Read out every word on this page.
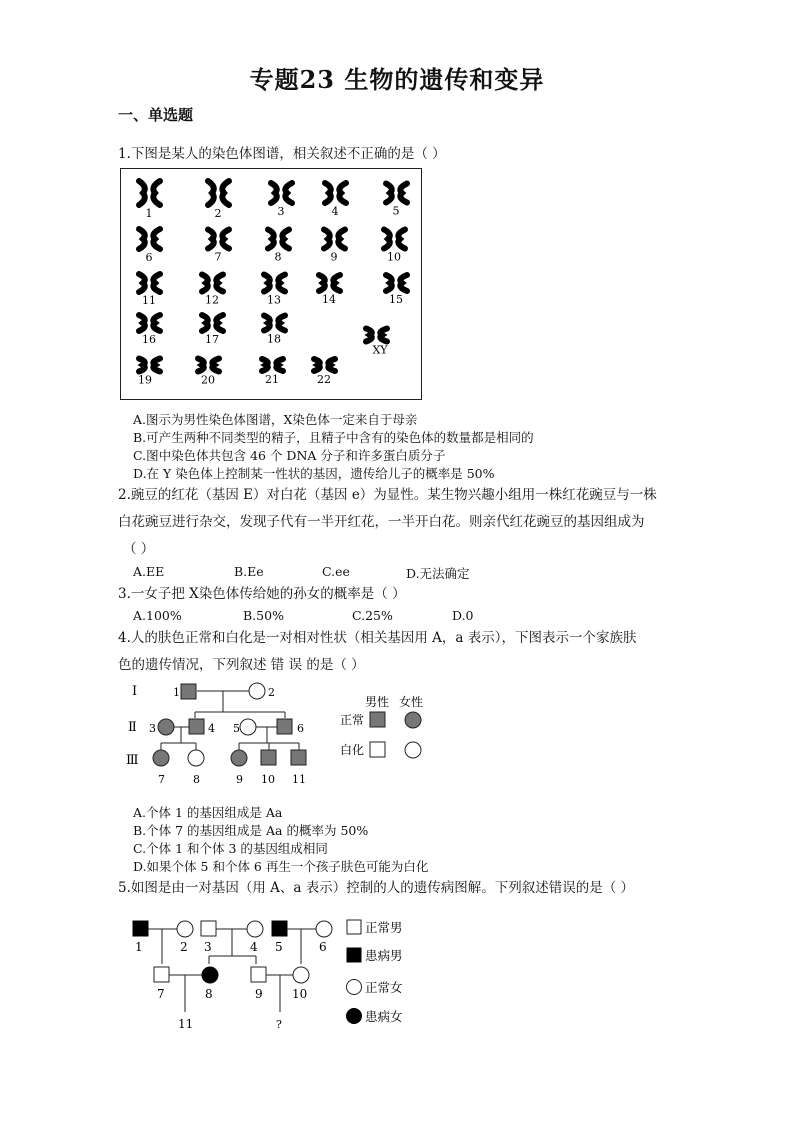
专题23 生物的遗传和变异
一、单选题
1.下图是某人的染色体图谱，相关叙述不正确的是（ ）
1	2	3	4	5
6	7	8	9	10
11	12	13	14	15
16	17	18
XY
19	20	21	22
A.图示为男性染色体图谱，X染色体一定来自于母亲
B.可产生两种不同类型的精子，且精子中含有的染色体的数量都是相同的
C.图中染色体共包含 46 个 DNA 分子和许多蛋白质分子
D.在 Y 染色体上控制某一性状的基因，遗传给儿子的概率是 50%
2.豌豆的红花（基因 E）对白花（基因 e）为显性。某生物兴趣小组用一株红花豌豆与一株
白花豌豆进行杂交，发现子代有一半开红花，一半开白花。则亲代红花豌豆的基因组成为
（ ）
A.EE	B.Ee	C.ee	D.无法确定
3.一女子把 X染色体传给她的孙女的概率是（ ）
A.100%	B.50%	C.25%	D.0
4.人的肤色正常和白化是一对相对性状（相关基因用 A，a 表示），下图表示一个家族肤
色的遗传情况，下列叙述 错 误 的是（ ）
Ⅰ
Ⅱ
Ⅲ
1	2
3	4 5	6
7	8	9 10 11
男性 女性
正常
白化
A.个体 1 的基因组成是 Aa
B.个体 7 的基因组成是 Aa 的概率为 50%
C.个体 1 和个体 3 的基因组成相同
D.如果个体 5 和个体 6 再生一个孩子肤色可能为白化
5.如图是由一对基因（用 A、a 表示）控制的人的遗传病图解。下列叙述错误的是（ ）
1	2 3	4 5	6
7	8	9 10
11	?
正常男
患病男
正常女
患病女
